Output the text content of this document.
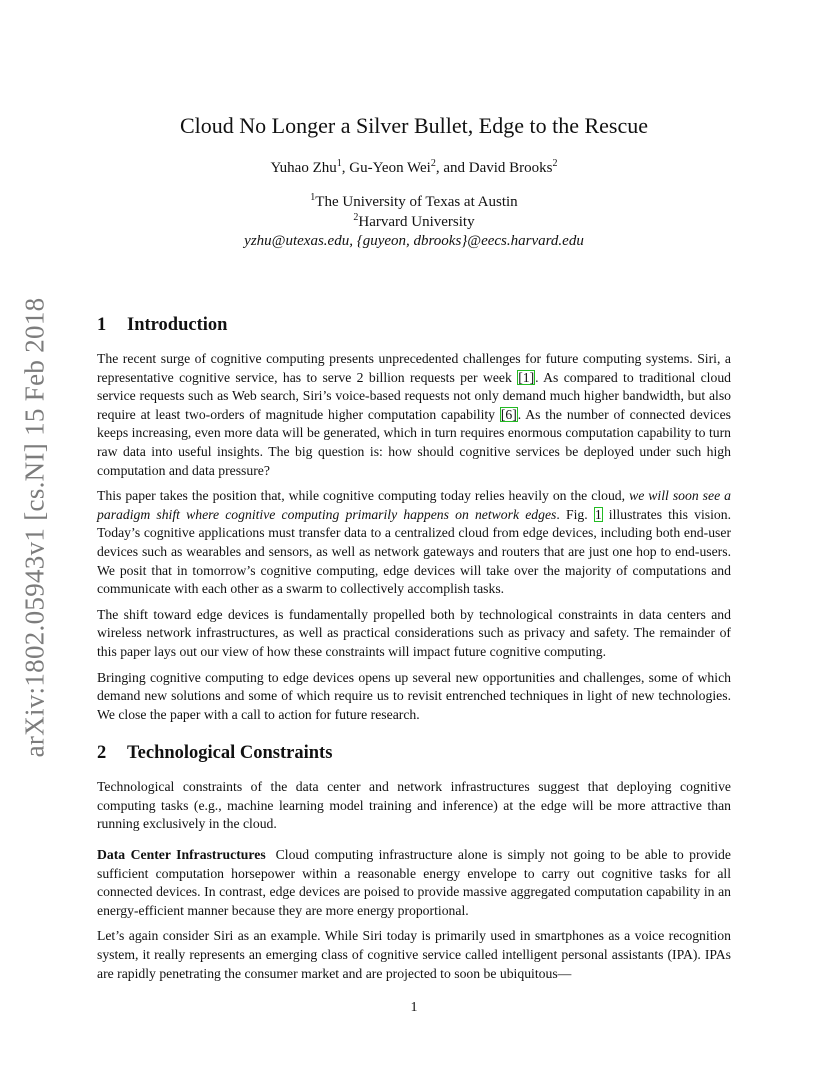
arXiv:1802.05943v1 [cs.NI] 15 Feb 2018
Cloud No Longer a Silver Bullet, Edge to the Rescue
Yuhao Zhu$^1$, Gu-Yeon Wei$^2$, and David Brooks$^2$
$^1$The University of Texas at Austin
$^2$Harvard University
yzhu@utexas.edu, {guyeon, dbrooks}@eecs.harvard.edu
1 Introduction

The recent surge of cognitive computing presents unprecedented challenges for future computing systems. Siri, a representative cognitive service, has to serve 2 billion requests per week [1]. As compared to traditional cloud service requests such as Web search, Siri’s voice-based requests not only demand much higher bandwidth, but also require at least two-orders of magnitude higher computation capability [6]. As the number of connected devices keeps increasing, even more data will be generated, which in turn requires enormous computation capability to turn raw data into useful insights. The big question is: how should cognitive services be deployed under such high computation and data pressure?

This paper takes the position that, while cognitive computing today relies heavily on the cloud, we will soon see a paradigm shift where cognitive computing primarily happens on network edges. Fig. 1 illustrates this vision. Today’s cognitive applications must transfer data to a centralized cloud from edge devices, including both end-user devices such as wearables and sensors, as well as network gateways and routers that are just one hop to end-users. We posit that in tomorrow’s cognitive computing, edge devices will take over the majority of computations and communicate with each other as a swarm to collectively accomplish tasks.

The shift toward edge devices is fundamentally propelled both by technological constraints in data centers and wireless network infrastructures, as well as practical considerations such as privacy and safety. The remainder of this paper lays out our view of how these constraints will impact future cognitive computing.

Bringing cognitive computing to edge devices opens up several new opportunities and challenges, some of which demand new solutions and some of which require us to revisit entrenched techniques in light of new technologies. We close the paper with a call to action for future research.

2 Technological Constraints

Technological constraints of the data center and network infrastructures suggest that deploying cognitive computing tasks (e.g., machine learning model training and inference) at the edge will be more attractive than running exclusively in the cloud.

Data Center Infrastructures Cloud computing infrastructure alone is simply not going to be able to provide sufficient computation horsepower within a reasonable energy envelope to carry out cognitive tasks for all connected devices. In contrast, edge devices are poised to provide massive aggregated computation capability in an energy-efficient manner because they are more energy proportional.

Let’s again consider Siri as an example. While Siri today is primarily used in smartphones as a voice recognition system, it really represents an emerging class of cognitive service called intelligent personal assistants (IPA). IPAs are rapidly penetrating the consumer market and are projected to soon be ubiquitous—

1
